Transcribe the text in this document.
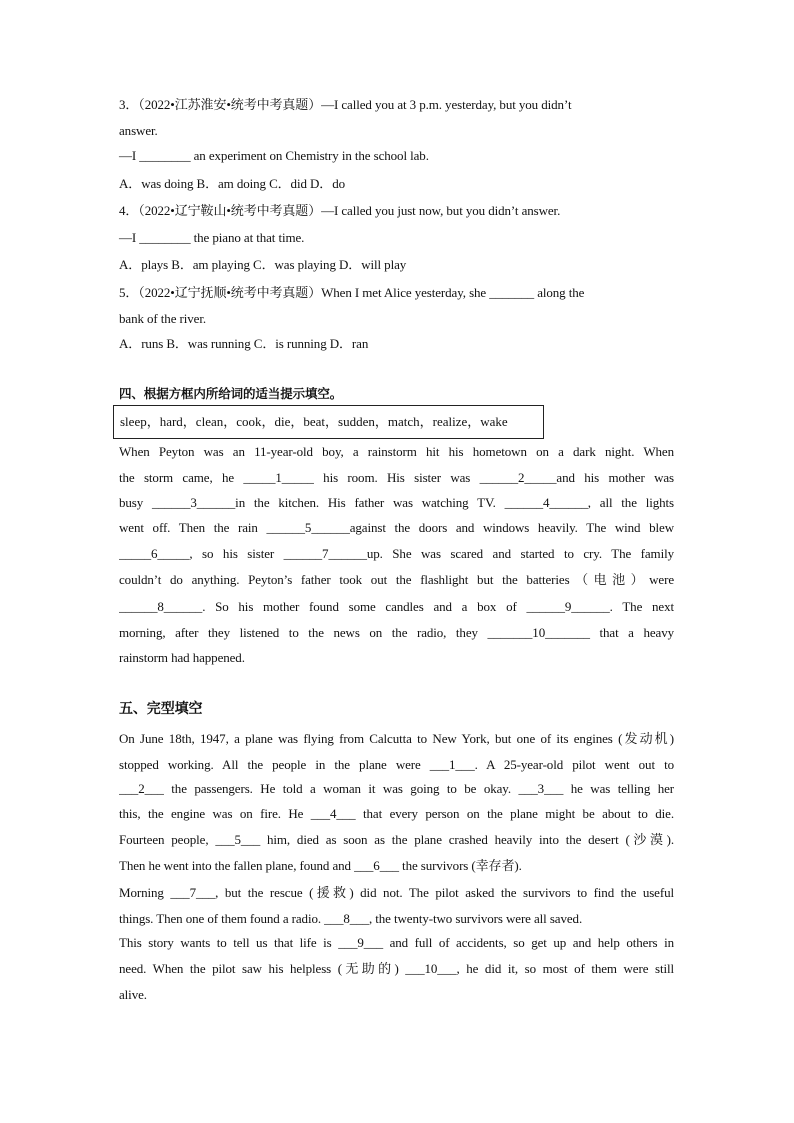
3．（2022•江苏淮安•统考中考真题）—I called you at 3 p.m. yesterday, but you didn’t
answer.
—I ________ an experiment on Chemistry in the school lab.
A．was doing B．am doing C．did D．do
4．（2022•辽宁鞍山•统考中考真题）—I called you just now, but you didn’t answer.
—I ________ the piano at that time.
A．plays B．am playing C．was playing D．will play
5．（2022•辽宁抚顺•统考中考真题）When I met Alice yesterday, she _______ along the
bank of the river.
A．runs B．was running C．is running D．ran
四、根据方框内所给词的适当提示填空。
sleep，hard，clean，cook，die，beat，sudden，match，realize，wake
When Peyton was an 11-year-old boy, a rainstorm hit his hometown on a dark night. When
the storm came, he _____1_____ his room. His sister was ______2_____and his mother was
busy ______3______in the kitchen. His father was watching TV. ______4______, all the lights
went off. Then the rain ______5______against the doors and windows heavily. The wind blew
_____6_____, so his sister ______7______up. She was scared and started to cry. The family
couldn’t do anything. Peyton’s father took out the flashlight but the batteries（电池）were
______8______. So his mother found some candles and a box of ______9______. The next
morning, after they listened to the news on the radio, they _______10_______ that a heavy
rainstorm had happened.
五、完型填空
On June 18th, 1947, a plane was flying from Calcutta to New York, but one of its engines (发动机)
stopped working. All the people in the plane were ___1___. A 25-year-old pilot went out to
___2___ the passengers. He told a woman it was going to be okay. ___3___ he was telling her
this, the engine was on fire. He ___4___ that every person on the plane might be about to die.
Fourteen people, ___5___ him, died as soon as the plane crashed heavily into the desert (沙漠).
Then he went into the fallen plane, found and ___6___ the survivors (幸存者).
Morning ___7___, but the rescue (援救) did not. The pilot asked the survivors to find the useful
things. Then one of them found a radio. ___8___, the twenty-two survivors were all saved.
This story wants to tell us that life is ___9___ and full of accidents, so get up and help others in
need. When the pilot saw his helpless (无助的) ___10___, he did it, so most of them were still
alive.
